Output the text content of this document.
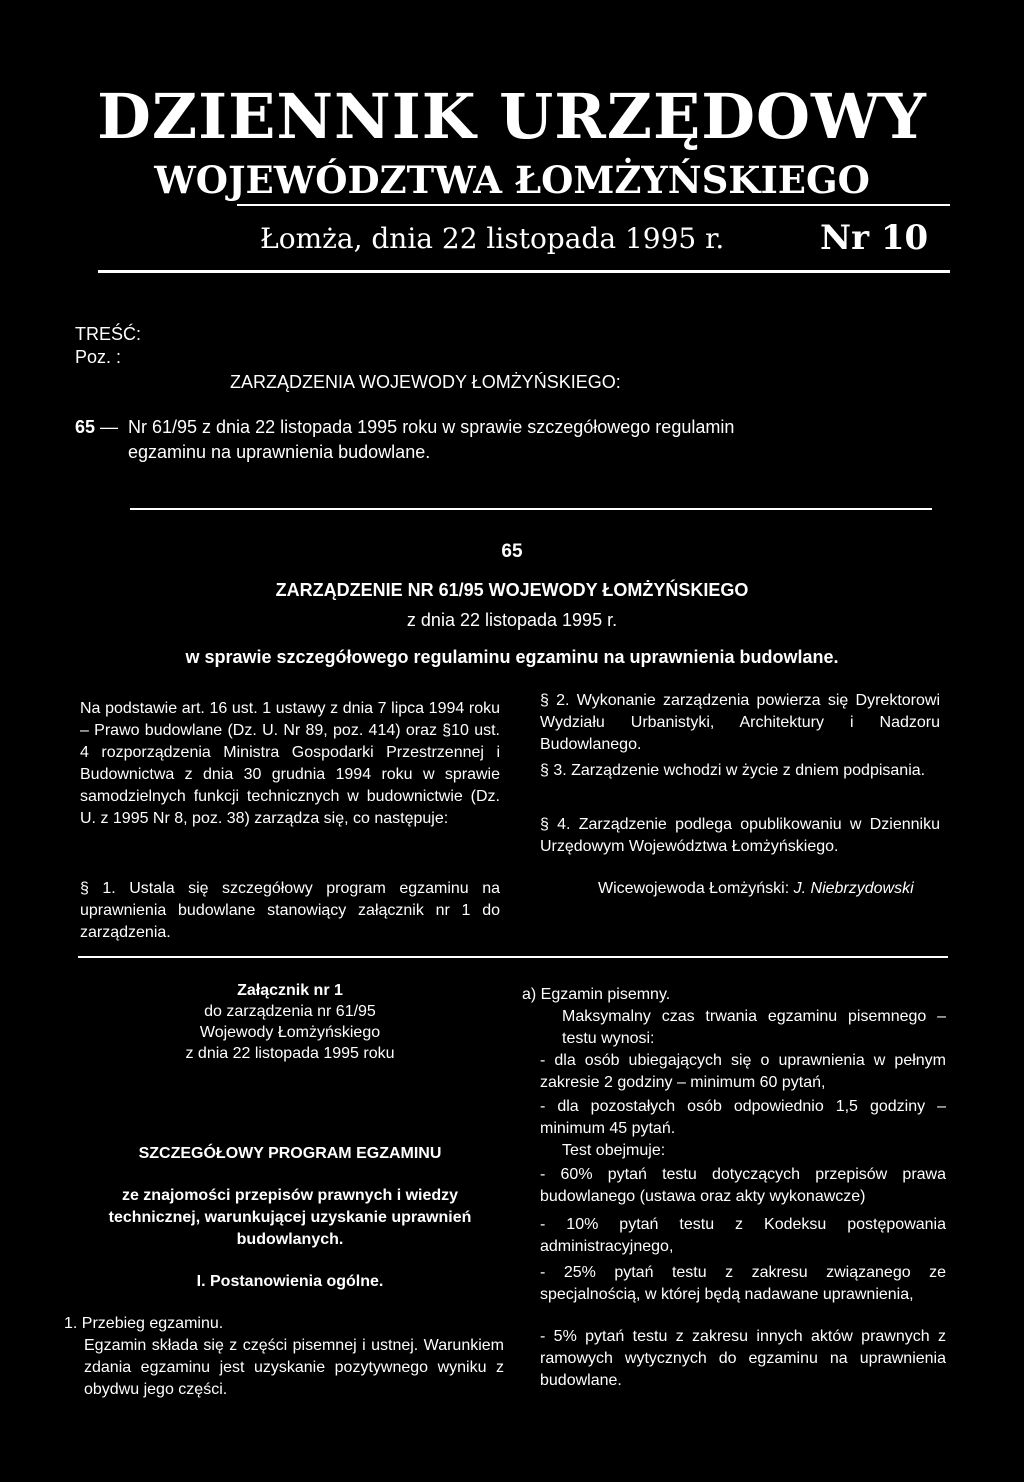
DZIENNIK URZĘDOWY
WOJEWÓDZTWA ŁOMŻYŃSKIEGO
Łomża, dnia 22 listopada 1995 r.	Nr 10
TREŚĆ:
Poz. :
ZARZĄDZENIA WOJEWODY ŁOMŻYŃSKIEGO:
65 — Nr 61/95 z dnia 22 listopada 1995 roku w sprawie szczegółowego regulamin
egzaminu na uprawnienia budowlane.
65
ZARZĄDZENIE NR 61/95 WOJEWODY ŁOMŻYŃSKIEGO
z dnia 22 listopada 1995 r.
w sprawie szczegółowego regulaminu egzaminu na uprawnienia budowlane.
Na podstawie art. 16 ust. 1 ustawy z dnia 7 lipca 1994 roku – Prawo budowlane (Dz. U. Nr 89, poz. 414) oraz §10 ust. 4 rozporządzenia Ministra Gospodarki Przestrzennej i Budownictwa z dnia 30 grudnia 1994 roku w sprawie samodzielnych funkcji technicznych w budownictwie (Dz. U. z 1995 Nr 8, poz. 38) zarządza się, co następuje:
§ 1. Ustala się szczegółowy program egzaminu na uprawnienia budowlane stanowiący załącznik nr 1 do zarządzenia.
§ 2. Wykonanie zarządzenia powierza się Dyrektorowi Wydziału Urbanistyki, Architektury i Nadzoru Budowlanego.
§ 3. Zarządzenie wchodzi w życie z dniem podpisania.
§ 4. Zarządzenie podlega opublikowaniu w Dzienniku Urzędowym Województwa Łomżyńskiego.
Wicewojewoda Łomżyński: J. Niebrzydowski
Załącznik nr 1
do zarządzenia nr 61/95
Wojewody Łomżyńskiego
z dnia 22 listopada 1995 roku
SZCZEGÓŁOWY PROGRAM EGZAMINU
ze znajomości przepisów prawnych i wiedzy technicznej, warunkującej uzyskanie uprawnień budowlanych.
I. Postanowienia ogólne.
1. Przebieg egzaminu.
Egzamin składa się z części pisemnej i ustnej. Warunkiem zdania egzaminu jest uzyskanie pozytywnego wyniku z obydwu jego części.
a) Egzamin pisemny.
Maksymalny czas trwania egzaminu pisemnego – testu wynosi:
- dla osób ubiegających się o uprawnienia w pełnym zakresie 2 godziny – minimum 60 pytań,
- dla pozostałych osób odpowiednio 1,5 godziny – minimum 45 pytań.
Test obejmuje:
- 60% pytań testu dotyczących przepisów prawa budowlanego (ustawa oraz akty wykonawcze)
- 10% pytań testu z Kodeksu postępowania administracyjnego,
- 25% pytań testu z zakresu związanego ze specjalnością, w której będą nadawane uprawnienia,
- 5% pytań testu z zakresu innych aktów prawnych z ramowych wytycznych do egzaminu na uprawnienia budowlane.
